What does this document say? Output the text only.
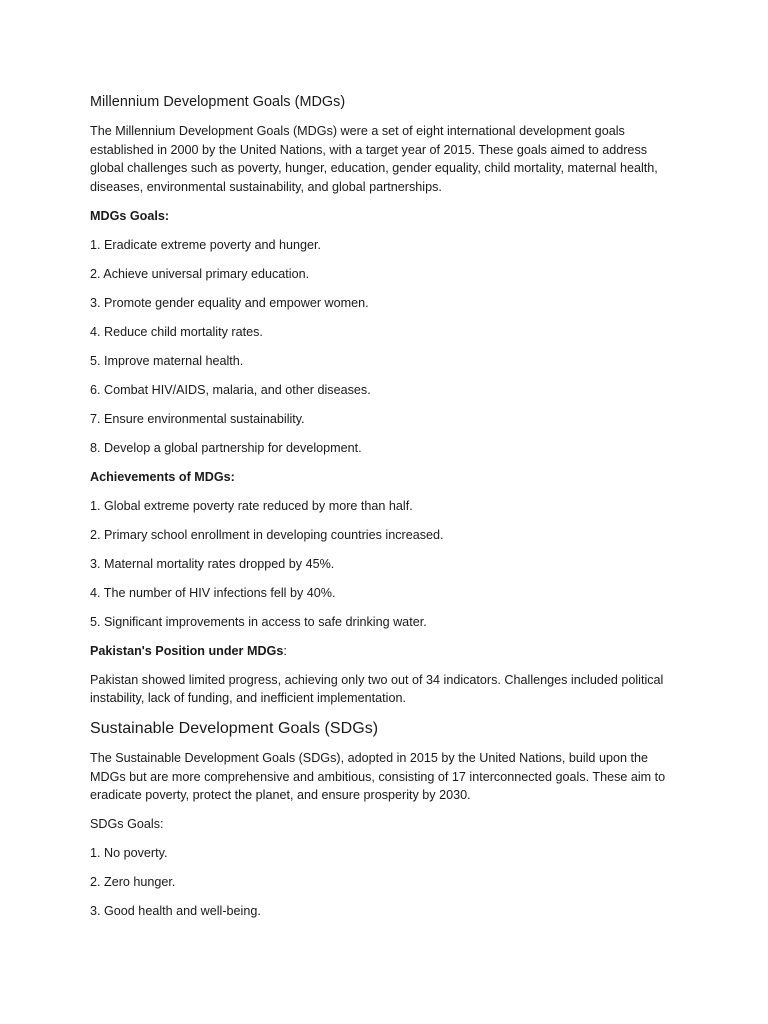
Millennium Development Goals (MDGs)

The Millennium Development Goals (MDGs) were a set of eight international development goals established in 2000 by the United Nations, with a target year of 2015. These goals aimed to address global challenges such as poverty, hunger, education, gender equality, child mortality, maternal health, diseases, environmental sustainability, and global partnerships.

MDGs Goals:

1. Eradicate extreme poverty and hunger.

2. Achieve universal primary education.

3. Promote gender equality and empower women.

4. Reduce child mortality rates.

5. Improve maternal health.

6. Combat HIV/AIDS, malaria, and other diseases.

7. Ensure environmental sustainability.

8. Develop a global partnership for development.

Achievements of MDGs:

1. Global extreme poverty rate reduced by more than half.

2. Primary school enrollment in developing countries increased.

3. Maternal mortality rates dropped by 45%.

4. The number of HIV infections fell by 40%.

5. Significant improvements in access to safe drinking water.

Pakistan's Position under MDGs:

Pakistan showed limited progress, achieving only two out of 34 indicators. Challenges included political instability, lack of funding, and inefficient implementation.

Sustainable Development Goals (SDGs)

The Sustainable Development Goals (SDGs), adopted in 2015 by the United Nations, build upon the MDGs but are more comprehensive and ambitious, consisting of 17 interconnected goals. These aim to eradicate poverty, protect the planet, and ensure prosperity by 2030.

SDGs Goals:

1. No poverty.

2. Zero hunger.

3. Good health and well-being.
